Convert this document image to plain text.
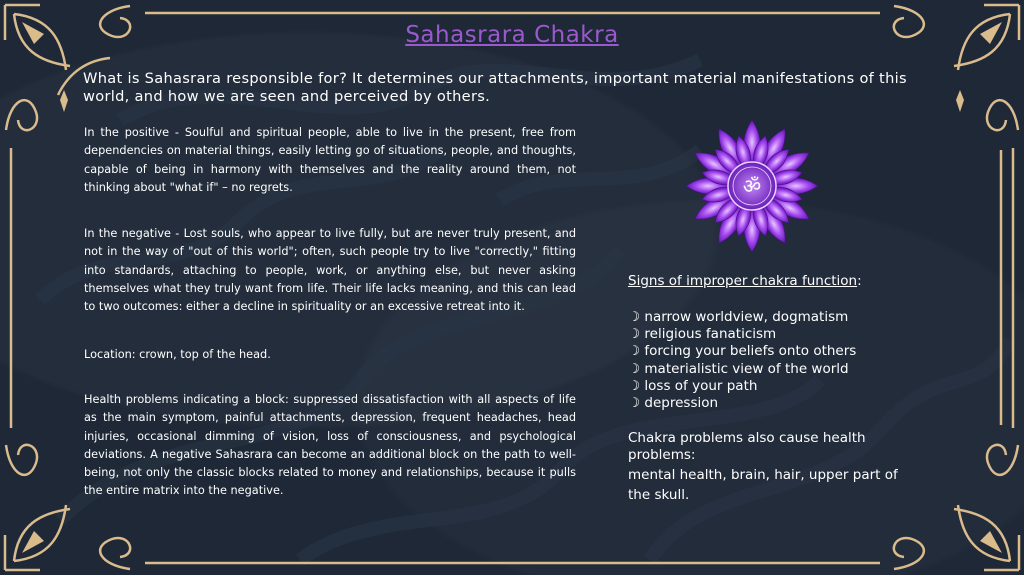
Sahasrara Chakra
What is Sahasrara responsible for? It determines our attachments, important material manifestations of this world, and how we are seen and perceived by others.
In the positive - Soulful and spiritual people, able to live in the present, free from dependencies on material things, easily letting go of situations, people, and thoughts, capable of being in harmony with themselves and the reality around them, not thinking about "what if" – no regrets.
In the negative - Lost souls, who appear to live fully, but are never truly present, and not in the way of "out of this world"; often, such people try to live "correctly," fitting into standards, attaching to people, work, or anything else, but never asking themselves what they truly want from life. Their life lacks meaning, and this can lead to two outcomes: either a decline in spirituality or an excessive retreat into it.
Location: crown, top of the head.
Health problems indicating a block: suppressed dissatisfaction with all aspects of life as the main symptom, painful attachments, depression, frequent headaches, head injuries, occasional dimming of vision, loss of consciousness, and psychological deviations. A negative Sahasrara can become an additional block on the path to well-being, not only the classic blocks related to money and relationships, because it pulls the entire matrix into the negative.
ॐ
Signs of improper chakra function:
☽ narrow worldview, dogmatism
☽ religious fanaticism
☽ forcing your beliefs onto others
☽ materialistic view of the world
☽ loss of your path
☽ depression
Chakra problems also cause health problems:
mental health, brain, hair, upper part of the skull.
